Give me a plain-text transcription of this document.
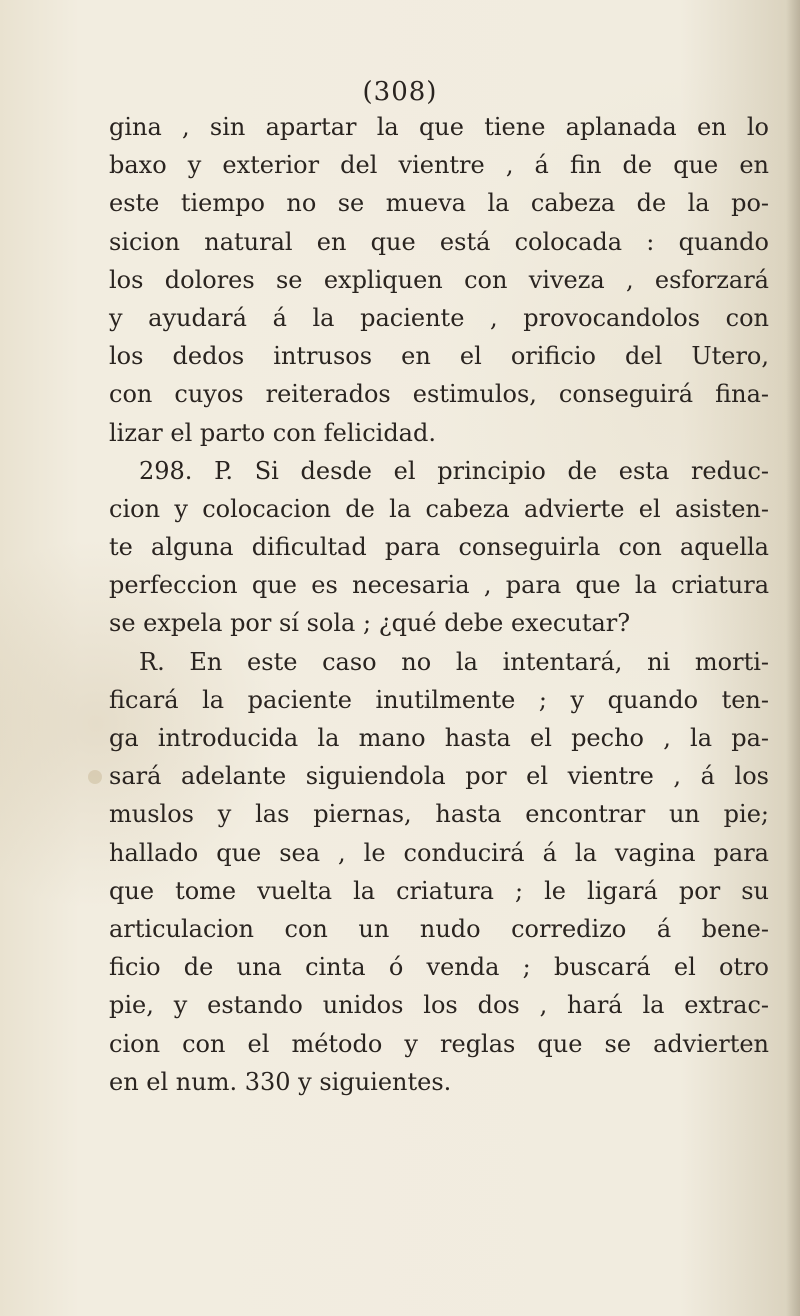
(308)
gina , sin apartar la que tiene aplanada en lo
baxo y exterior del vientre , á fin de que en
este tiempo no se mueva la cabeza de la po-
sicion natural en que está colocada : quando
los dolores se expliquen con viveza , esforzará
y ayudará á la paciente , provocandolos con
los dedos intrusos en el orificio del Utero,
con cuyos reiterados estimulos, conseguirá fina-
lizar el parto con felicidad.
298. P. Si desde el principio de esta reduc-
cion y colocacion de la cabeza advierte el asisten-
te alguna dificultad para conseguirla con aquella
perfeccion que es necesaria , para que la criatura
se expela por sí sola ; ¿qué debe executar?
R. En este caso no la intentará, ni morti-
ficará la paciente inutilmente ; y quando ten-
ga introducida la mano hasta el pecho , la pa-
sará adelante siguiendola por el vientre , á los
muslos y las piernas, hasta encontrar un pie;
hallado que sea , le conducirá á la vagina para
que tome vuelta la criatura ; le ligará por su
articulacion con un nudo corredizo á bene-
ficio de una cinta ó venda ; buscará el otro
pie, y estando unidos los dos , hará la extrac-
cion con el método y reglas que se advierten
en el num. 330 y siguientes.
